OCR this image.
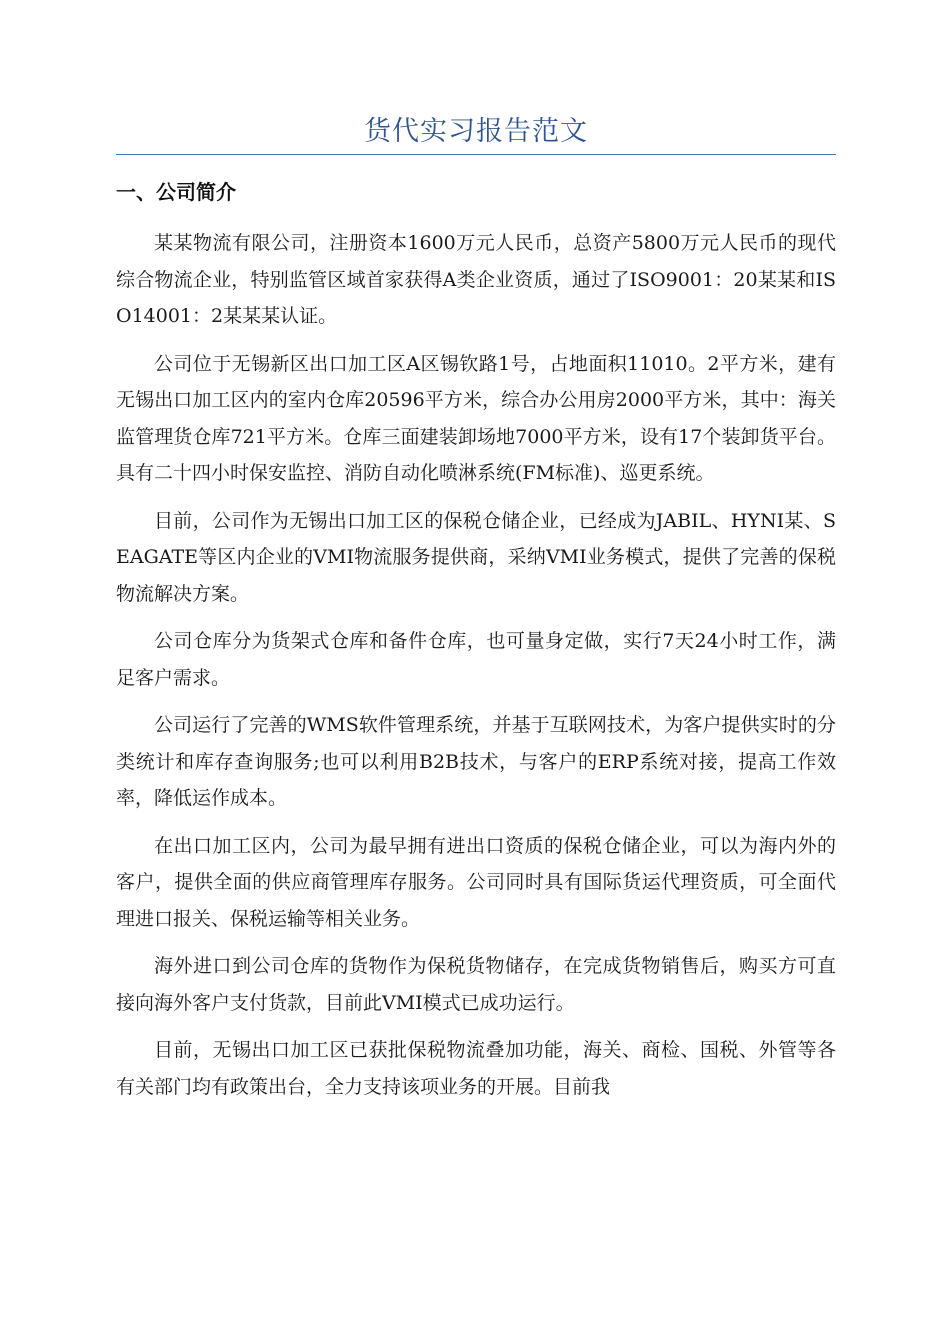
货代实习报告范文
一、公司简介

某某物流有限公司，注册资本1600万元人民币，总资产5800万元人民币的现代综合物流企业，特别监管区域首家获得A类企业资质，通过了ISO9001：20某某和ISO14001：2某某某认证。

公司位于无锡新区出口加工区A区锡钦路1号，占地面积11010。2平方米，建有无锡出口加工区内的室内仓库20596平方米，综合办公用房2000平方米，其中：海关监管理货仓库721平方米。仓库三面建装卸场地7000平方米，设有17个装卸货平台。具有二十四小时保安监控、消防自动化喷淋系统(FM标准)、巡更系统。

目前，公司作为无锡出口加工区的保税仓储企业，已经成为JABIL、HYNI某、SEAGATE等区内企业的VMI物流服务提供商，采纳VMI业务模式，提供了完善的保税物流解决方案。

公司仓库分为货架式仓库和备件仓库，也可量身定做，实行7天24小时工作，满足客户需求。

公司运行了完善的WMS软件管理系统，并基于互联网技术，为客户提供实时的分类统计和库存查询服务;也可以利用B2B技术，与客户的ERP系统对接，提高工作效率，降低运作成本。

在出口加工区内，公司为最早拥有进出口资质的保税仓储企业，可以为海内外的客户，提供全面的供应商管理库存服务。公司同时具有国际货运代理资质，可全面代理进口报关、保税运输等相关业务。

海外进口到公司仓库的货物作为保税货物储存，在完成货物销售后，购买方可直接向海外客户支付货款，目前此VMI模式已成功运行。

目前，无锡出口加工区已获批保税物流叠加功能，海关、商检、国税、外管等各有关部门均有政策出台，全力支持该项业务的开展。目前我
